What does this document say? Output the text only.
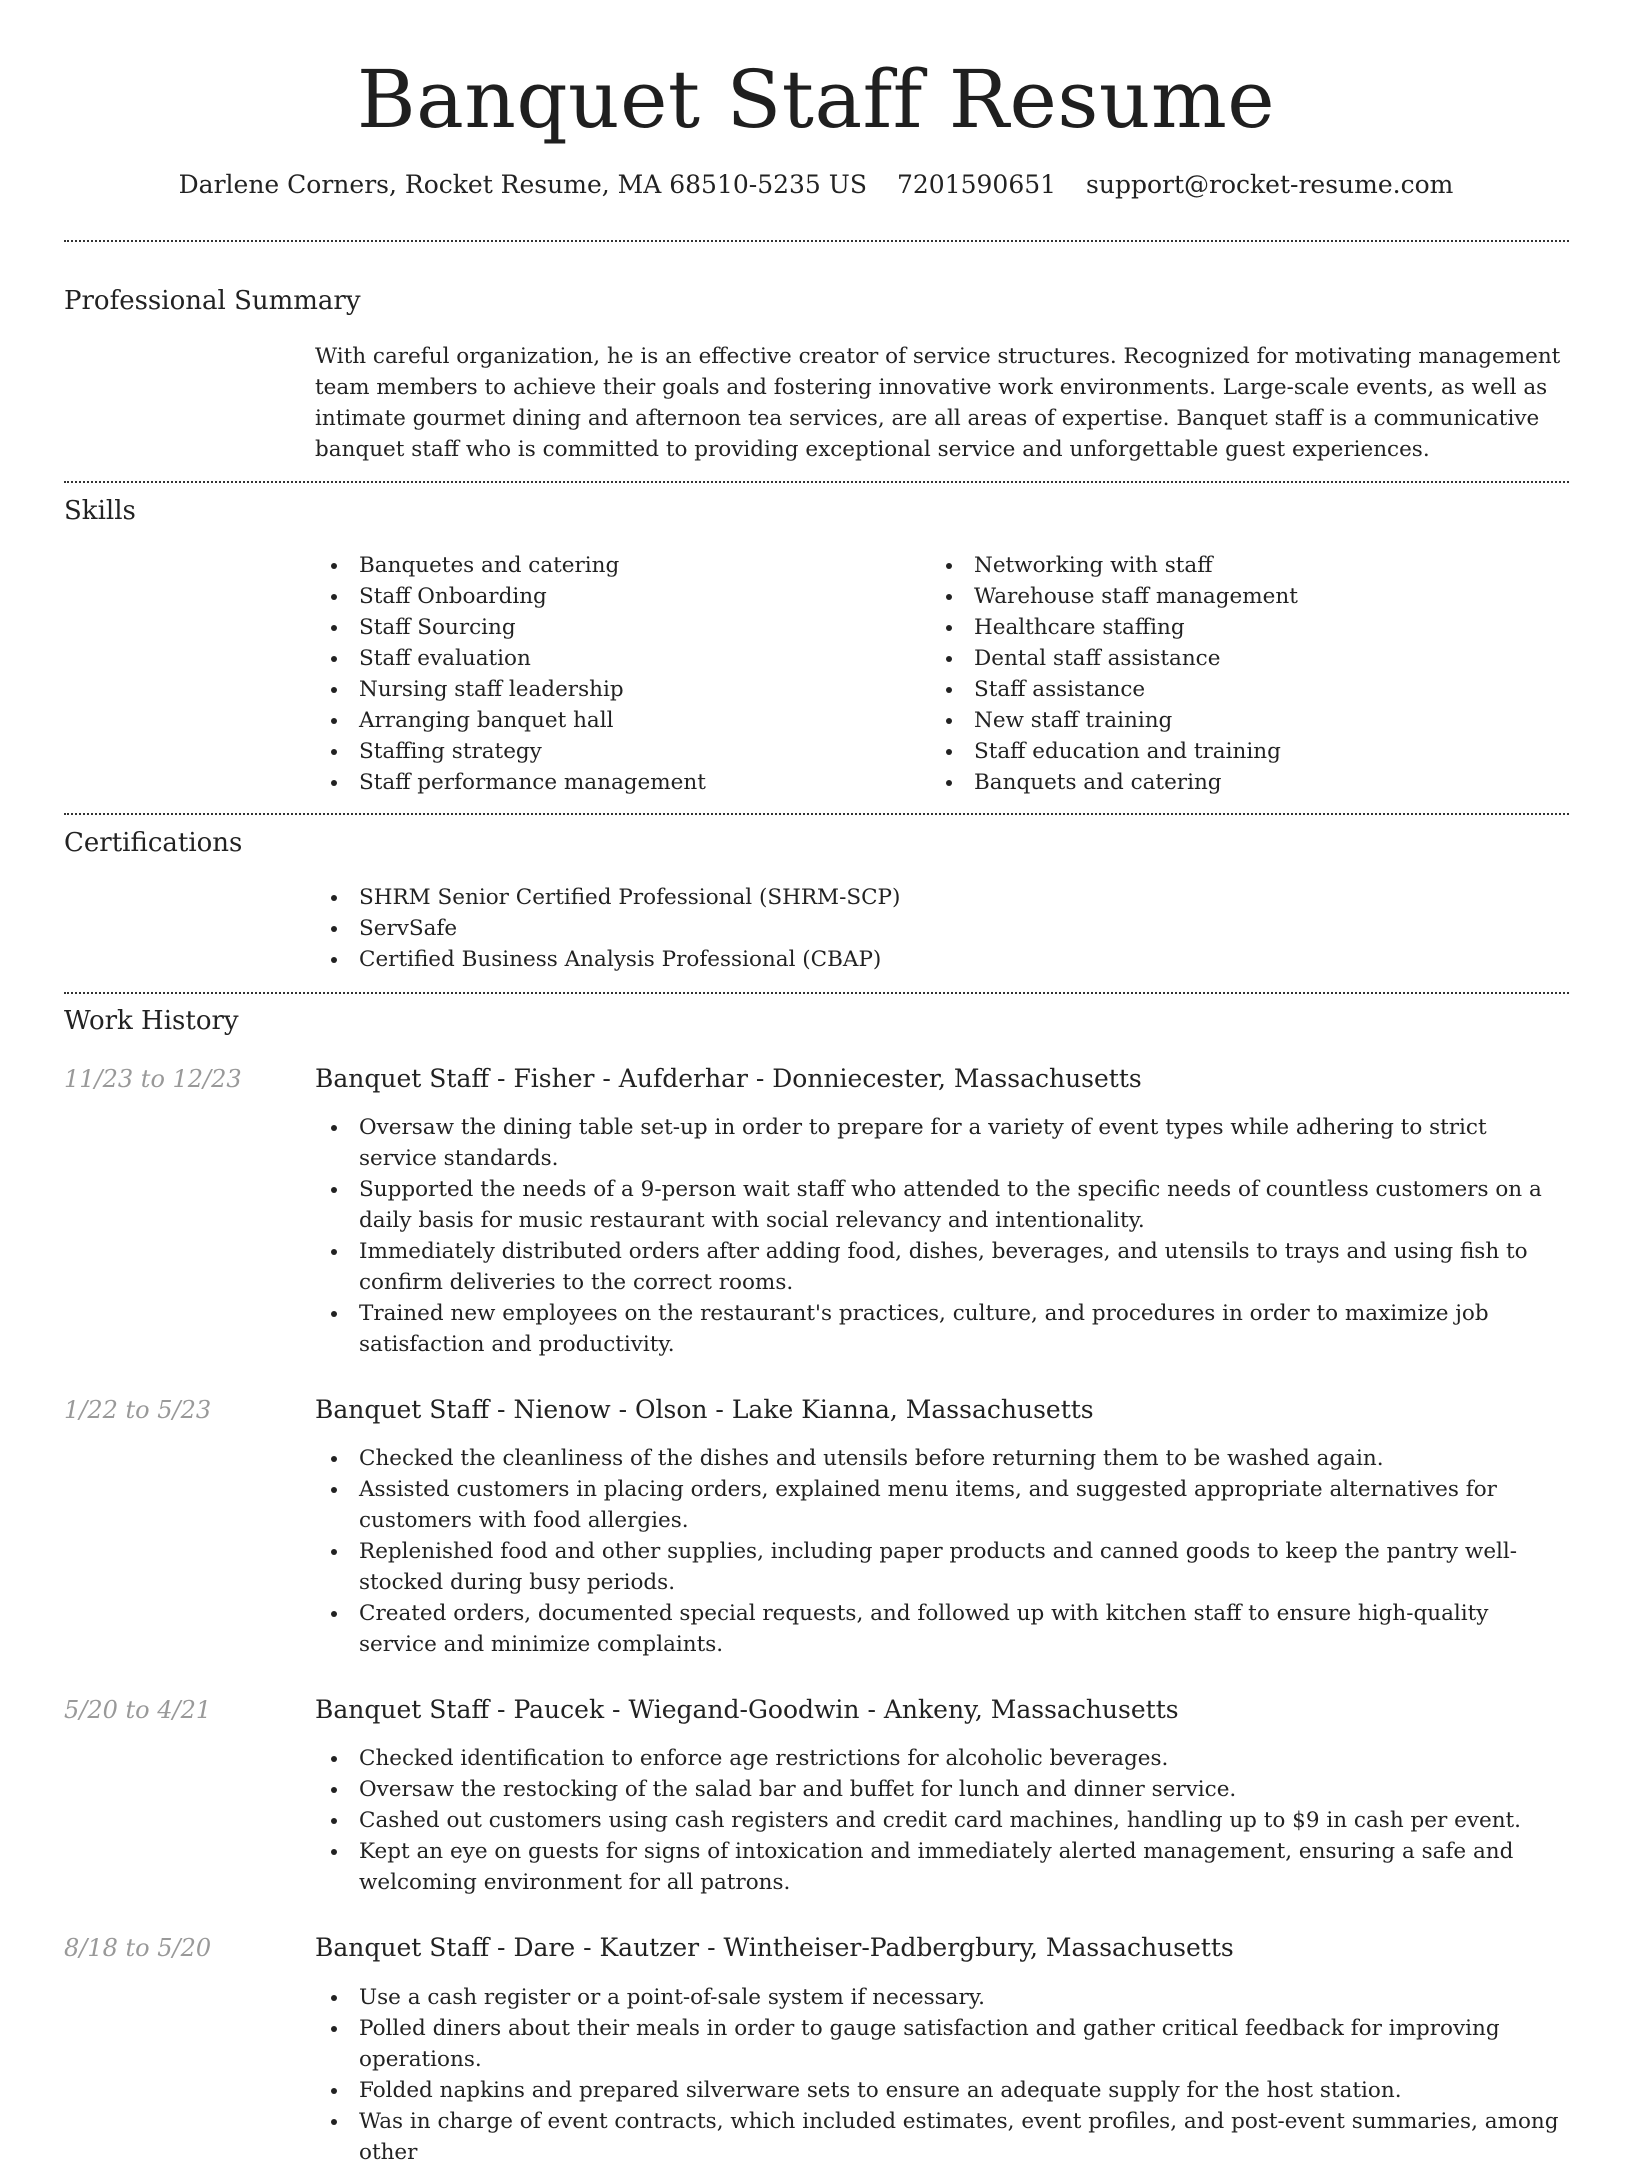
Banquet Staff Resume
Darlene Corners, Rocket Resume, MA 68510-5235 US 7201590651 support@rocket-resume.com
Professional Summary

With careful organization, he is an effective creator of service structures. Recognized for motivating management team members to achieve their goals and fostering innovative work environments. Large-scale events, as well as intimate gourmet dining and afternoon tea services, are all areas of expertise. Banquet staff is a communicative banquet staff who is committed to providing exceptional service and unforgettable guest experiences.

Skills
Banquetes and catering
Staff Onboarding
Staff Sourcing
Staff evaluation
Nursing staff leadership
Arranging banquet hall
Staffing strategy
Staff performance management
Networking with staff
Warehouse staff management
Healthcare staffing
Dental staff assistance
Staff assistance
New staff training
Staff education and training
Banquets and catering
Certifications
SHRM Senior Certified Professional (SHRM-SCP)
ServSafe
Certified Business Analysis Professional (CBAP)
Work History
11/23 to 12/23	Banquet Staff - Fisher - Aufderhar - Donniecester, Massachusetts
Oversaw the dining table set-up in order to prepare for a variety of event types while adhering to strict service standards.
Supported the needs of a 9-person wait staff who attended to the specific needs of countless customers on a daily basis for music restaurant with social relevancy and intentionality.
Immediately distributed orders after adding food, dishes, beverages, and utensils to trays and using fish to confirm deliveries to the correct rooms.
Trained new employees on the restaurant's practices, culture, and procedures in order to maximize job satisfaction and productivity.
1/22 to 5/23	Banquet Staff - Nienow - Olson - Lake Kianna, Massachusetts
Checked the cleanliness of the dishes and utensils before returning them to be washed again.
Assisted customers in placing orders, explained menu items, and suggested appropriate alternatives for customers with food allergies.
Replenished food and other supplies, including paper products and canned goods to keep the pantry well-stocked during busy periods.
Created orders, documented special requests, and followed up with kitchen staff to ensure high-quality service and minimize complaints.
5/20 to 4/21	Banquet Staff - Paucek - Wiegand-Goodwin - Ankeny, Massachusetts
Checked identification to enforce age restrictions for alcoholic beverages.
Oversaw the restocking of the salad bar and buffet for lunch and dinner service.
Cashed out customers using cash registers and credit card machines, handling up to $9 in cash per event.
Kept an eye on guests for signs of intoxication and immediately alerted management, ensuring a safe and welcoming environment for all patrons.
8/18 to 5/20	Banquet Staff - Dare - Kautzer - Wintheiser-Padbergbury, Massachusetts
Use a cash register or a point-of-sale system if necessary.
Polled diners about their meals in order to gauge satisfaction and gather critical feedback for improving operations.
Folded napkins and prepared silverware sets to ensure an adequate supply for the host station.
Was in charge of event contracts, which included estimates, event profiles, and post-event summaries, among other
